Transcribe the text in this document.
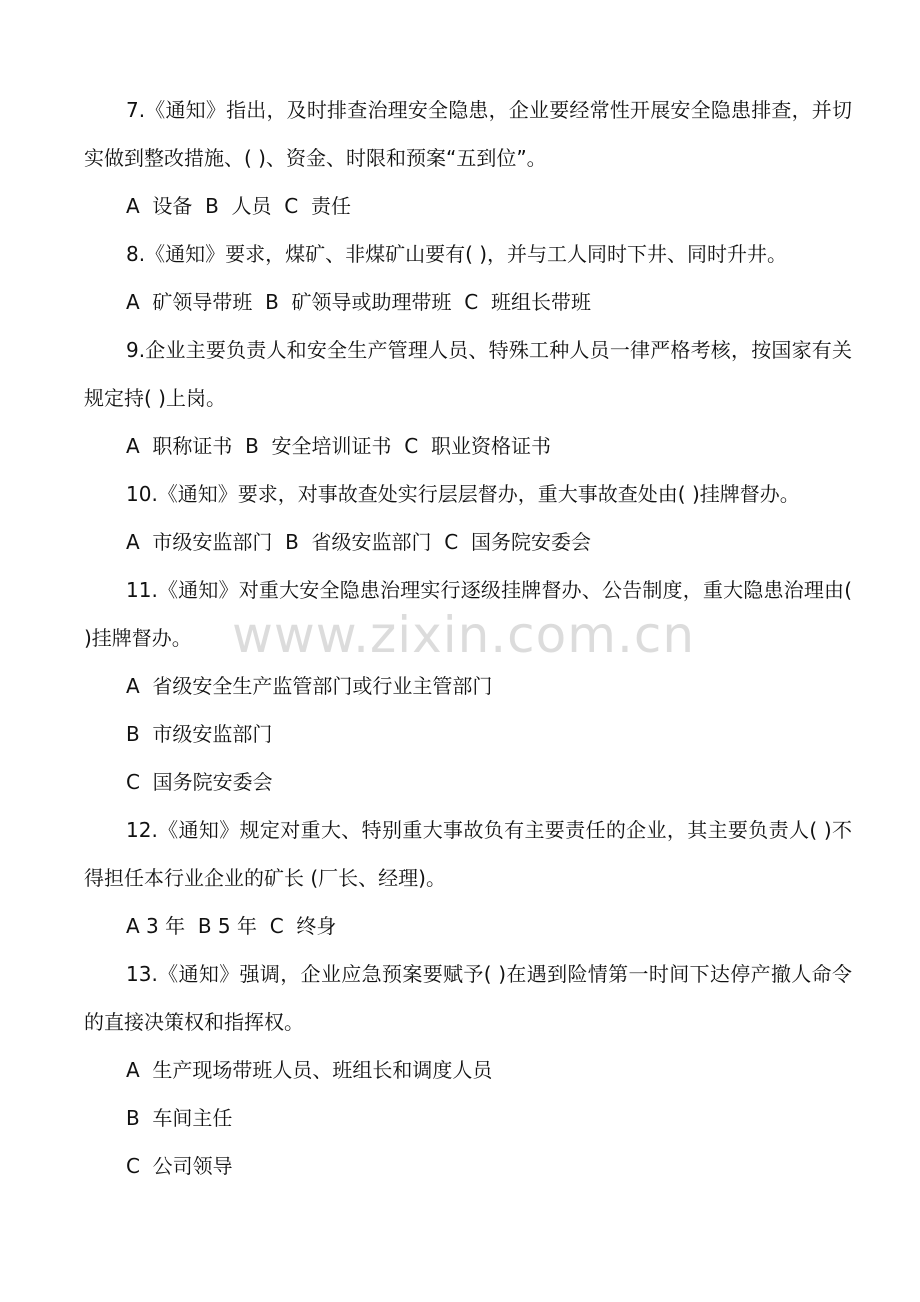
7.《通知》指出，及时排查治理安全隐患，企业要经常性开展安全隐患排查，并切实做到整改措施、( )、资金、时限和预案“五到位”。

A  设备  B  人员  C  责任

8.《通知》要求，煤矿、非煤矿山要有( )，并与工人同时下井、同时升井。

A  矿领导带班  B  矿领导或助理带班  C  班组长带班

9.企业主要负责人和安全生产管理人员、特殊工种人员一律严格考核，按国家有关规定持( )上岗。

A  职称证书  B  安全培训证书  C  职业资格证书

10.《通知》要求，对事故查处实行层层督办，重大事故查处由( )挂牌督办。

A  市级安监部门  B  省级安监部门  C  国务院安委会

11.《通知》对重大安全隐患治理实行逐级挂牌督办、公告制度，重大隐患治理由( )挂牌督办。

A  省级安全生产监管部门或行业主管部门

B  市级安监部门

C  国务院安委会

12.《通知》规定对重大、特别重大事故负有主要责任的企业，其主要负责人( )不得担任本行业企业的矿长 (厂长、经理)。

A 3 年  B 5 年  C  终身

13.《通知》强调，企业应急预案要赋予( )在遇到险情第一时间下达停产撤人命令的直接决策权和指挥权。

A  生产现场带班人员、班组长和调度人员

B  车间主任

C  公司领导

www.zixin.com.cn
